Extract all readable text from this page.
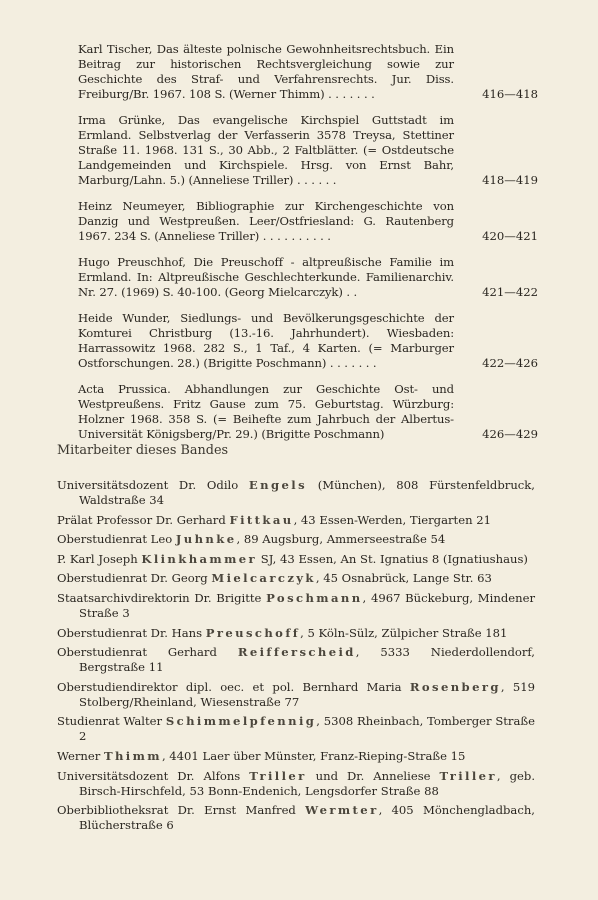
Karl Tischer, Das älteste polnische Gewohnheitsrechtsbuch. Ein Beitrag zur historischen Rechtsvergleichung sowie zur Geschichte des Straf- und Verfahrensrechts. Jur. Diss. Freiburg/Br. 1967. 108 S. (Werner Thimm) . . . . . . .	416—418
Irma Grünke, Das evangelische Kirchspiel Guttstadt im Ermland. Selbstverlag der Verfasserin 3578 Treysa, Stettiner Straße 11. 1968. 131 S., 30 Abb., 2 Faltblätter. (= Ostdeutsche Landgemeinden und Kirchspiele. Hrsg. von Ernst Bahr, Marburg/Lahn. 5.) (Anneliese Triller) . . . . . .	418—419
Heinz Neumeyer, Bibliographie zur Kirchengeschichte von Danzig und Westpreußen. Leer/Ostfriesland: G. Rautenberg 1967. 234 S. (Anneliese Triller) . . . . . . . . . .	420—421
Hugo Preuschhof, Die Preuschoff - altpreußische Familie im Ermland. In: Altpreußische Geschlechterkunde. Familienarchiv. Nr. 27. (1969) S. 40-100. (Georg Mielcarczyk) . .	421—422
Heide Wunder, Siedlungs- und Bevölkerungsgeschichte der Komturei Christburg (13.-16. Jahrhundert). Wiesbaden: Harrassowitz 1968. 282 S., 1 Taf., 4 Karten. (= Marburger Ostforschungen. 28.) (Brigitte Poschmann) . . . . . . .	422—426
Acta Prussica. Abhandlungen zur Geschichte Ost- und Westpreußens. Fritz Gause zum 75. Geburtstag. Würzburg: Holzner 1968. 358 S. (= Beihefte zum Jahrbuch der Albertus-Universität Königsberg/Pr. 29.) (Brigitte Poschmann)	426—429
Mitarbeiter dieses Bandes
Universitätsdozent Dr. Odilo Engels (München), 808 Fürstenfeldbruck, Waldstraße 34
Prälat Professor Dr. Gerhard Fittkau, 43 Essen-Werden, Tiergarten 21
Oberstudienrat Leo Juhnke, 89 Augsburg, Ammerseestraße 54
P. Karl Joseph Klinkhammer SJ, 43 Essen, An St. Ignatius 8 (Ignatiushaus)
Oberstudienrat Dr. Georg Mielcarczyk, 45 Osnabrück, Lange Str. 63
Staatsarchivdirektorin Dr. Brigitte Poschmann, 4967 Bückeburg, Mindener Straße 3
Oberstudienrat Dr. Hans Preuschoff, 5 Köln-Sülz, Zülpicher Straße 181
Oberstudienrat Gerhard Reifferscheid, 5333 Niederdollendorf, Bergstraße 11
Oberstudiendirektor dipl. oec. et pol. Bernhard Maria Rosenberg, 519 Stolberg/Rheinland, Wiesenstraße 77
Studienrat Walter Schimmelpfennig, 5308 Rheinbach, Tomberger Straße 2
Werner Thimm, 4401 Laer über Münster, Franz-Rieping-Straße 15
Universitätsdozent Dr. Alfons Triller und Dr. Anneliese Triller, geb. Birsch-Hirschfeld, 53 Bonn-Endenich, Lengsdorfer Straße 88
Oberbibliotheksrat Dr. Ernst Manfred Wermter, 405 Mönchengladbach, Blücherstraße 6
